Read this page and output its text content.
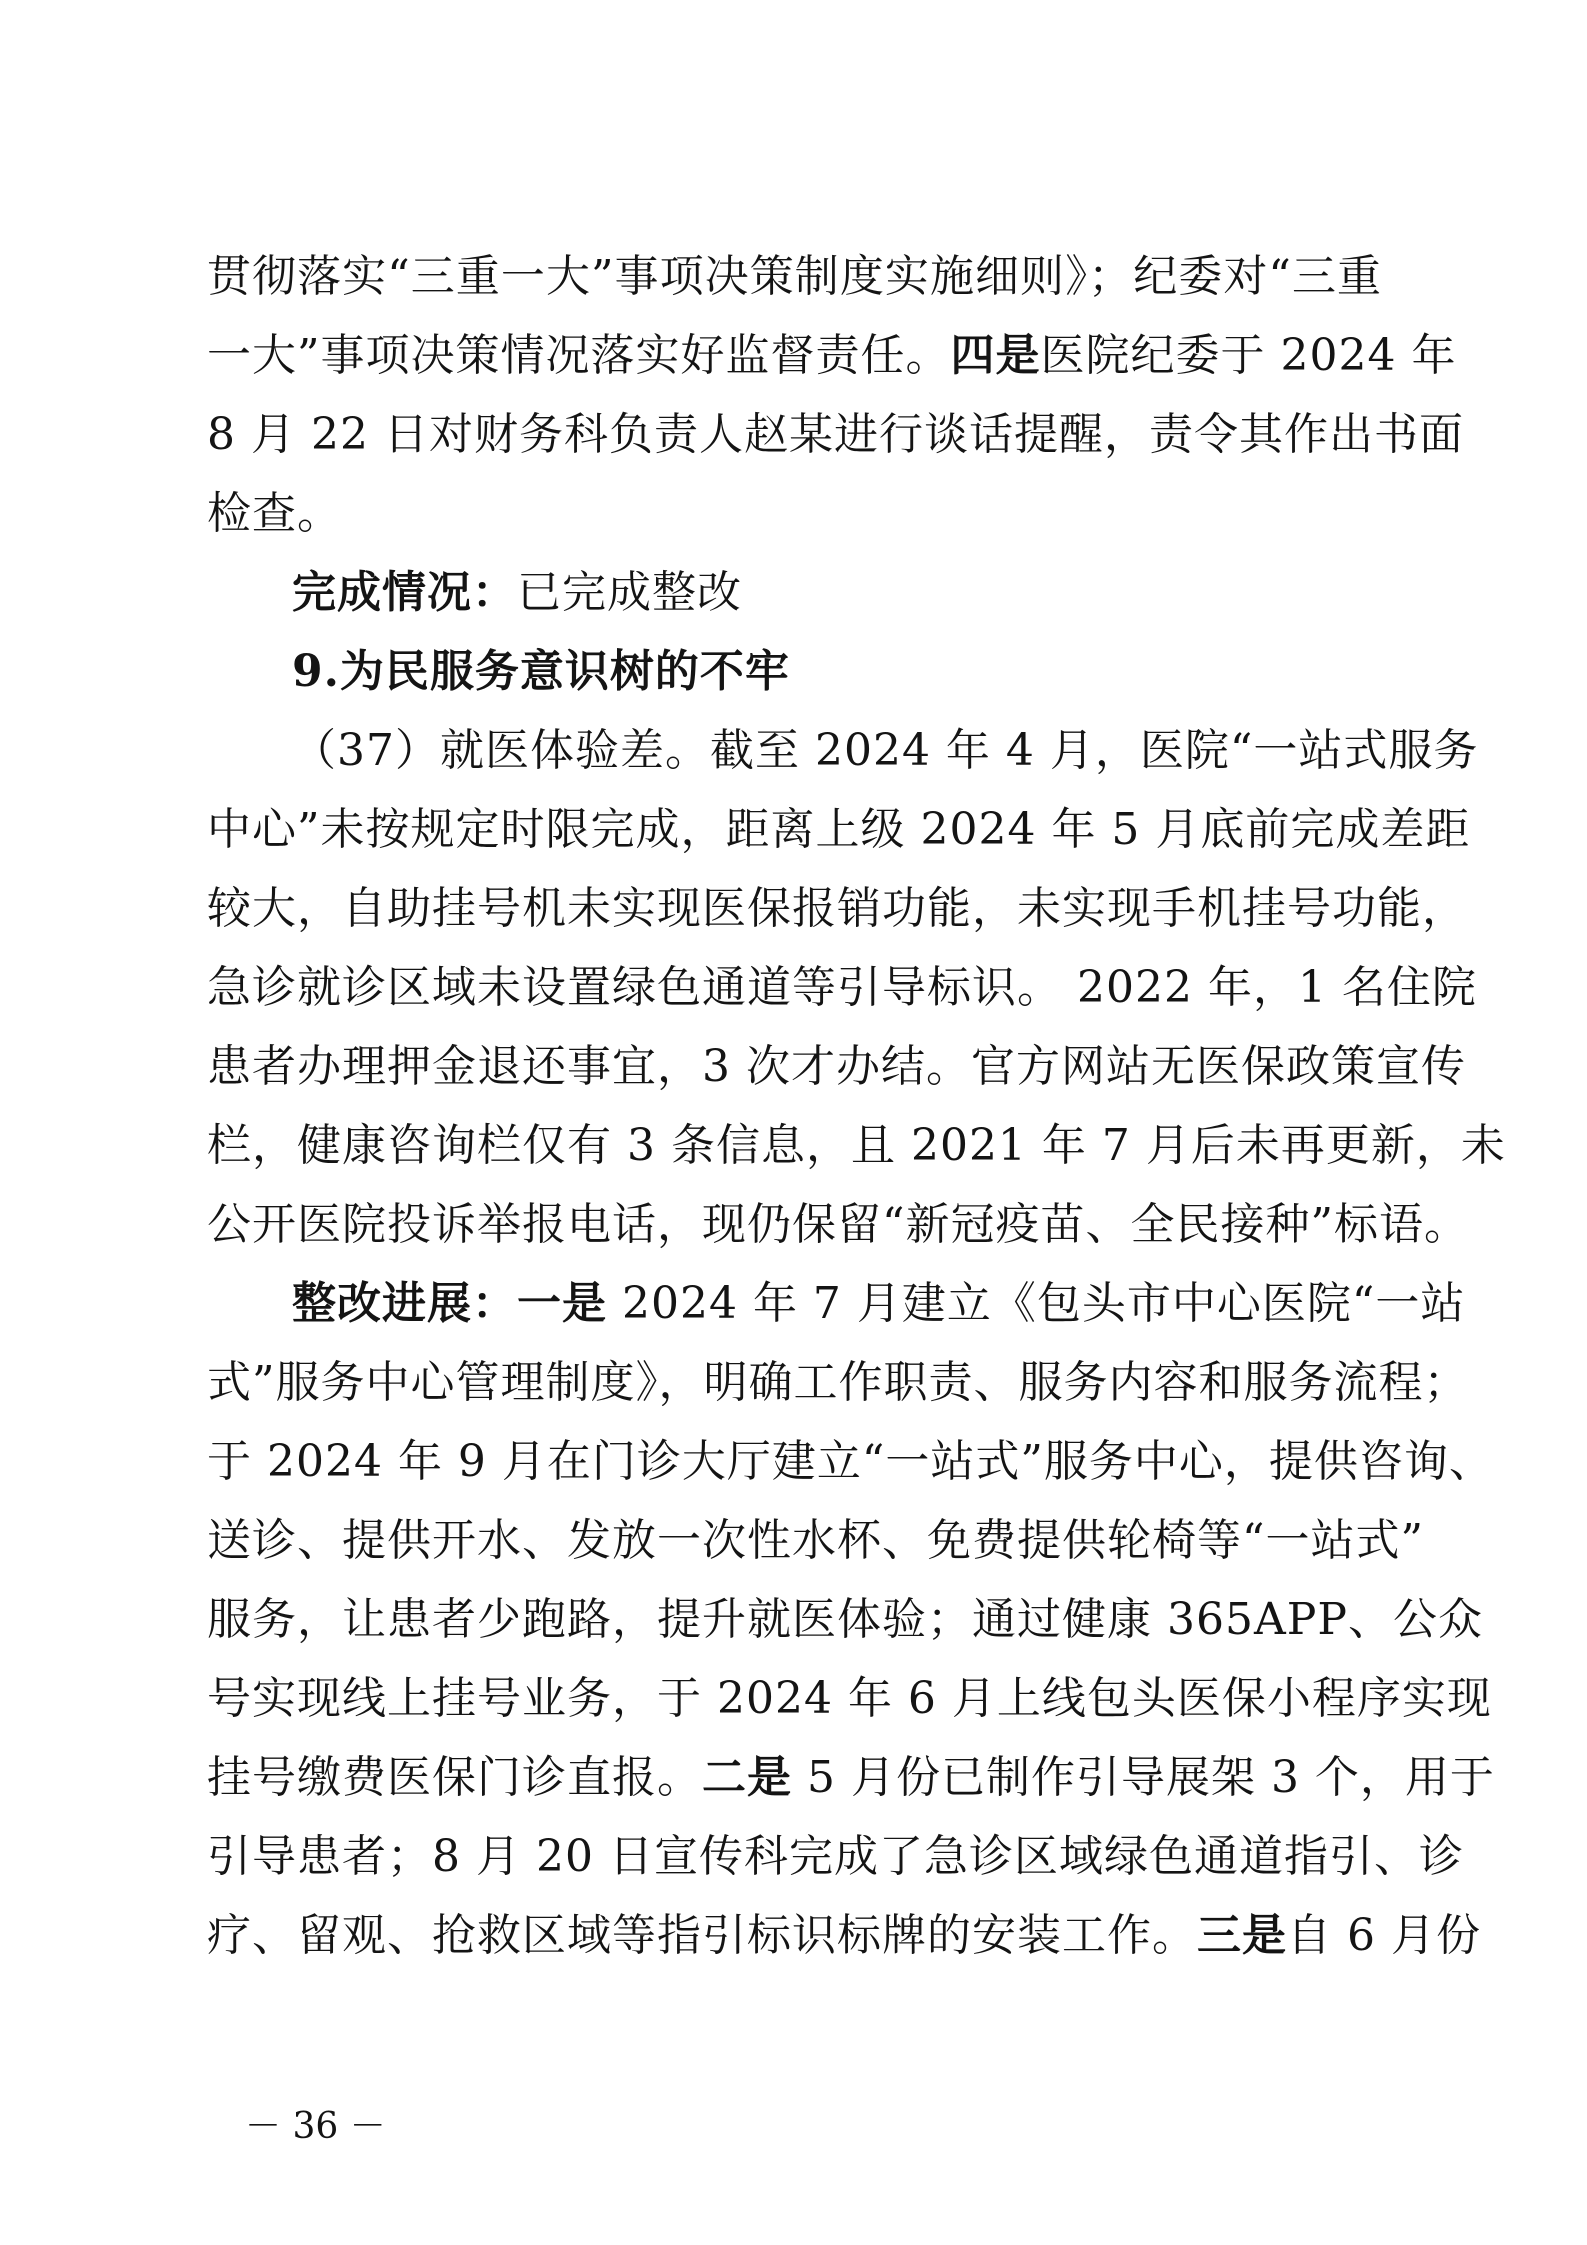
贯彻落实“三重一大”事项决策制度实施细则》；纪委对“三重
一大”事项决策情况落实好监督责任。四是医院纪委于 2024 年
8 月 22 日对财务科负责人赵某进行谈话提醒，责令其作出书面
检查。
完成情况：已完成整改
9.为民服务意识树的不牢
（37）就医体验差。截至 2024 年 4 月，医院“一站式服务
中心”未按规定时限完成，距离上级 2024 年 5 月底前完成差距
较大，自助挂号机未实现医保报销功能，未实现手机挂号功能，
急诊就诊区域未设置绿色通道等引导标识。 2022 年，1 名住院
患者办理押金退还事宜，3 次才办结。官方网站无医保政策宣传
栏，健康咨询栏仅有 3 条信息，且 2021 年 7 月后未再更新，未
公开医院投诉举报电话，现仍保留“新冠疫苗、全民接种”标语。
整改进展：一是 2024 年 7 月建立《包头市中心医院“一站
式”服务中心管理制度》，明确工作职责、服务内容和服务流程；
于 2024 年 9 月在门诊大厅建立“一站式”服务中心，提供咨询、
送诊、提供开水、发放一次性水杯、免费提供轮椅等“一站式”
服务，让患者少跑路，提升就医体验；通过健康 365APP、公众
号实现线上挂号业务，于 2024 年 6 月上线包头医保小程序实现
挂号缴费医保门诊直报。二是 5 月份已制作引导展架 3 个，用于
引导患者；8 月 20 日宣传科完成了急诊区域绿色通道指引、诊
疗、留观、抢救区域等指引标识标牌的安装工作。三是自 6 月份
－ 36 －
